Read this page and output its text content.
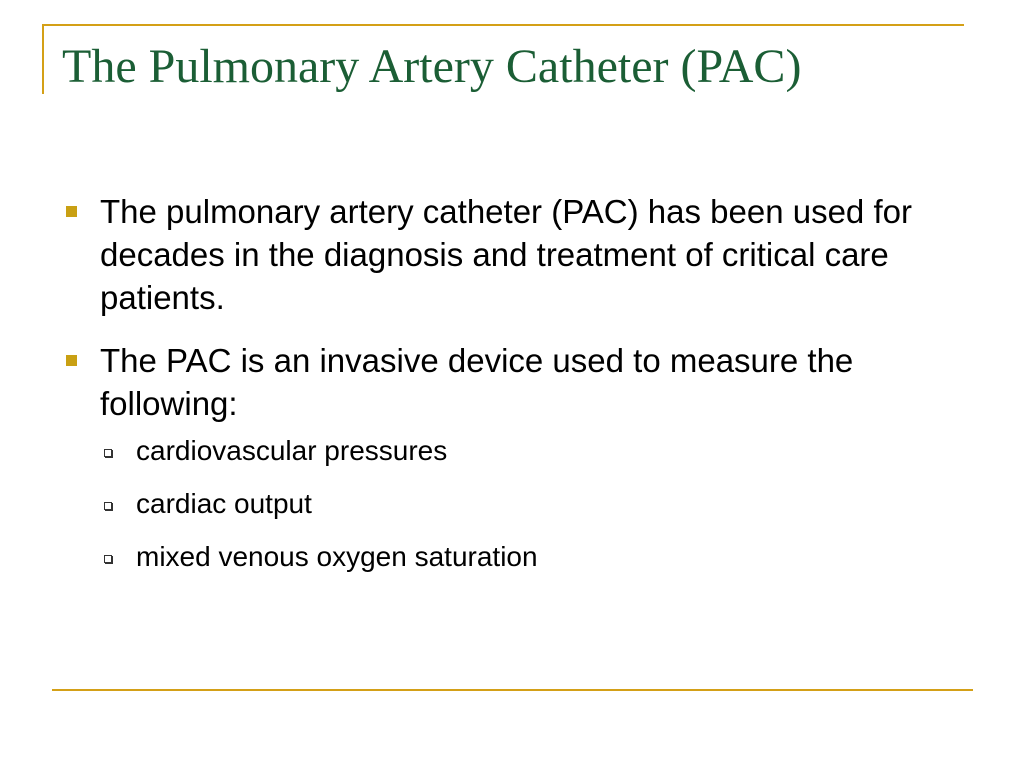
The Pulmonary Artery Catheter (PAC)
The pulmonary artery catheter (PAC) has been used for decades in the diagnosis and treatment of critical care patients.
The PAC is an invasive device used to measure the following:
cardiovascular pressures
cardiac output
mixed venous oxygen saturation
